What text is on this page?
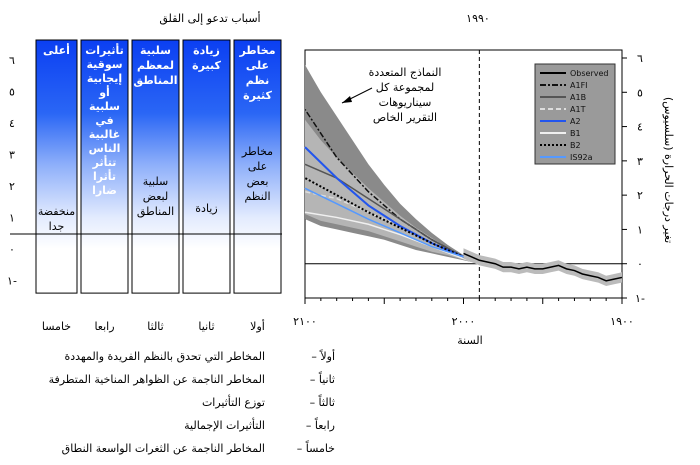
أسباب تدعو إلى القلق
٦
٥
٤
٣
٢
١
٠
١-
مخاطر
على
نظم
كثيرة
مخاطر
على
بعض
النظم
أولا
زيادة
كبيرة
زيادة
ثانيا
سلبية
لمعظم
المناطق
سلبية
لبعض
المناطق
ثالثا
تأثيرات
سوقية
إيجابية
أو
سلبية
في
غالبية
الناس
تتأثر
تأثرا
ضارا
رابعا
أعلى
منخفضة
جدا
خامسا
١٩٩٠
٦
٥
٤
٣
٢
١
٠
١-
٢١٠٠	٢٠٠٠	١٩٠٠
النماذج المتعددة
لمجموعة كل
سيناريوهات
التقرير الخاص
Observed
A1FI
A1B
A1T
A2
B1
B2
IS92a
السنة
تغير درجات الحرارة (سلسيوس)
أولاً –
المخاطر التي تحدق بالنظم الفريدة والمهددة
ثانياً –
المخاطر الناجمة عن الظواهر المناخية المتطرفة
ثالثاً –
توزع التأثيرات
رابعاً –
التأثيرات الإجمالية
خامساً –
المخاطر الناجمة عن الثغرات الواسعة النطاق
